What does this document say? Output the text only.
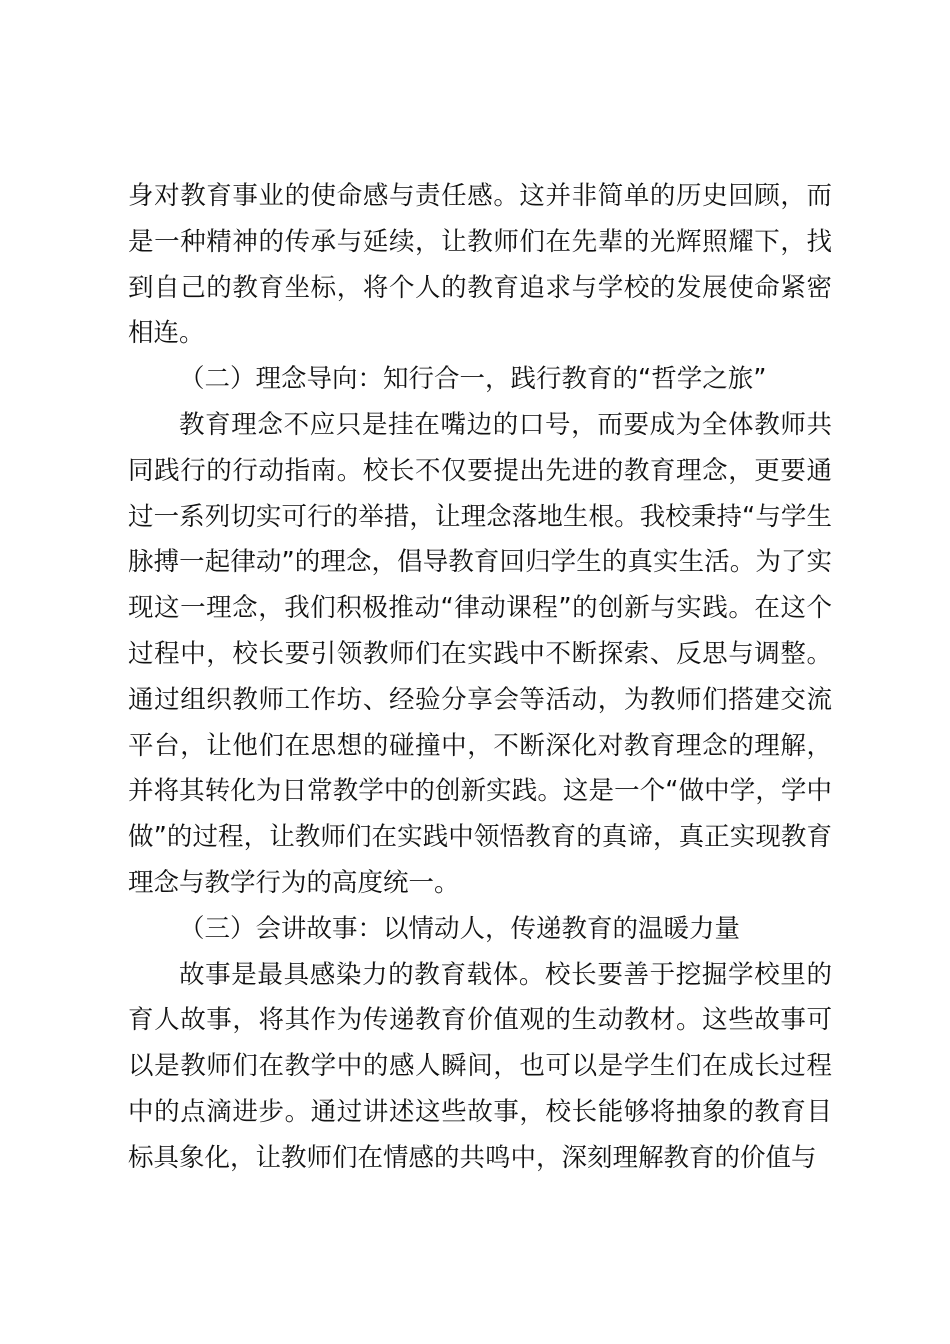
身对教育事业的使命感与责任感。这并非简单的历史回顾，而是一种精神的传承与延续，让教师们在先辈的光辉照耀下，找到自己的教育坐标，将个人的教育追求与学校的发展使命紧密相连。

（二）理念导向：知行合一，践行教育的“哲学之旅”

教育理念不应只是挂在嘴边的口号，而要成为全体教师共同践行的行动指南。校长不仅要提出先进的教育理念，更要通过一系列切实可行的举措，让理念落地生根。我校秉持“与学生脉搏一起律动”的理念，倡导教育回归学生的真实生活。为了实现这一理念，我们积极推动“律动课程”的创新与实践。在这个过程中，校长要引领教师们在实践中不断探索、反思与调整。通过组织教师工作坊、经验分享会等活动，为教师们搭建交流平台，让他们在思想的碰撞中，不断深化对教育理念的理解，并将其转化为日常教学中的创新实践。这是一个“做中学，学中做”的过程，让教师们在实践中领悟教育的真谛，真正实现教育理念与教学行为的高度统一。

（三）会讲故事：以情动人，传递教育的温暖力量

故事是最具感染力的教育载体。校长要善于挖掘学校里的育人故事，将其作为传递教育价值观的生动教材。这些故事可以是教师们在教学中的感人瞬间，也可以是学生们在成长过程中的点滴进步。通过讲述这些故事，校长能够将抽象的教育目标具象化，让教师们在情感的共鸣中，深刻理解教育的价值与
